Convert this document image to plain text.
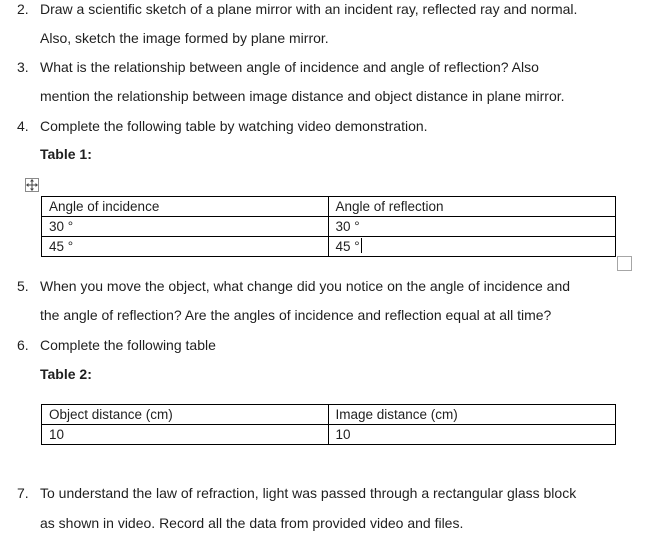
2. Draw a scientific sketch of a plane mirror with an incident ray, reflected ray and normal.
Also, sketch the image formed by plane mirror.
3. What is the relationship between angle of incidence and angle of reflection? Also
mention the relationship between image distance and object distance in plane mirror.
4. Complete the following table by watching video demonstration.
Table 1:
Angle of incidence	Angle of reflection
30 °	30 °
45 °	45 °
5. When you move the object, what change did you notice on the angle of incidence and
the angle of reflection? Are the angles of incidence and reflection equal at all time?
6. Complete the following table
Table 2:
Object distance (cm)	Image distance (cm)
10	10
7. To understand the law of refraction, light was passed through a rectangular glass block
as shown in video. Record all the data from provided video and files.
